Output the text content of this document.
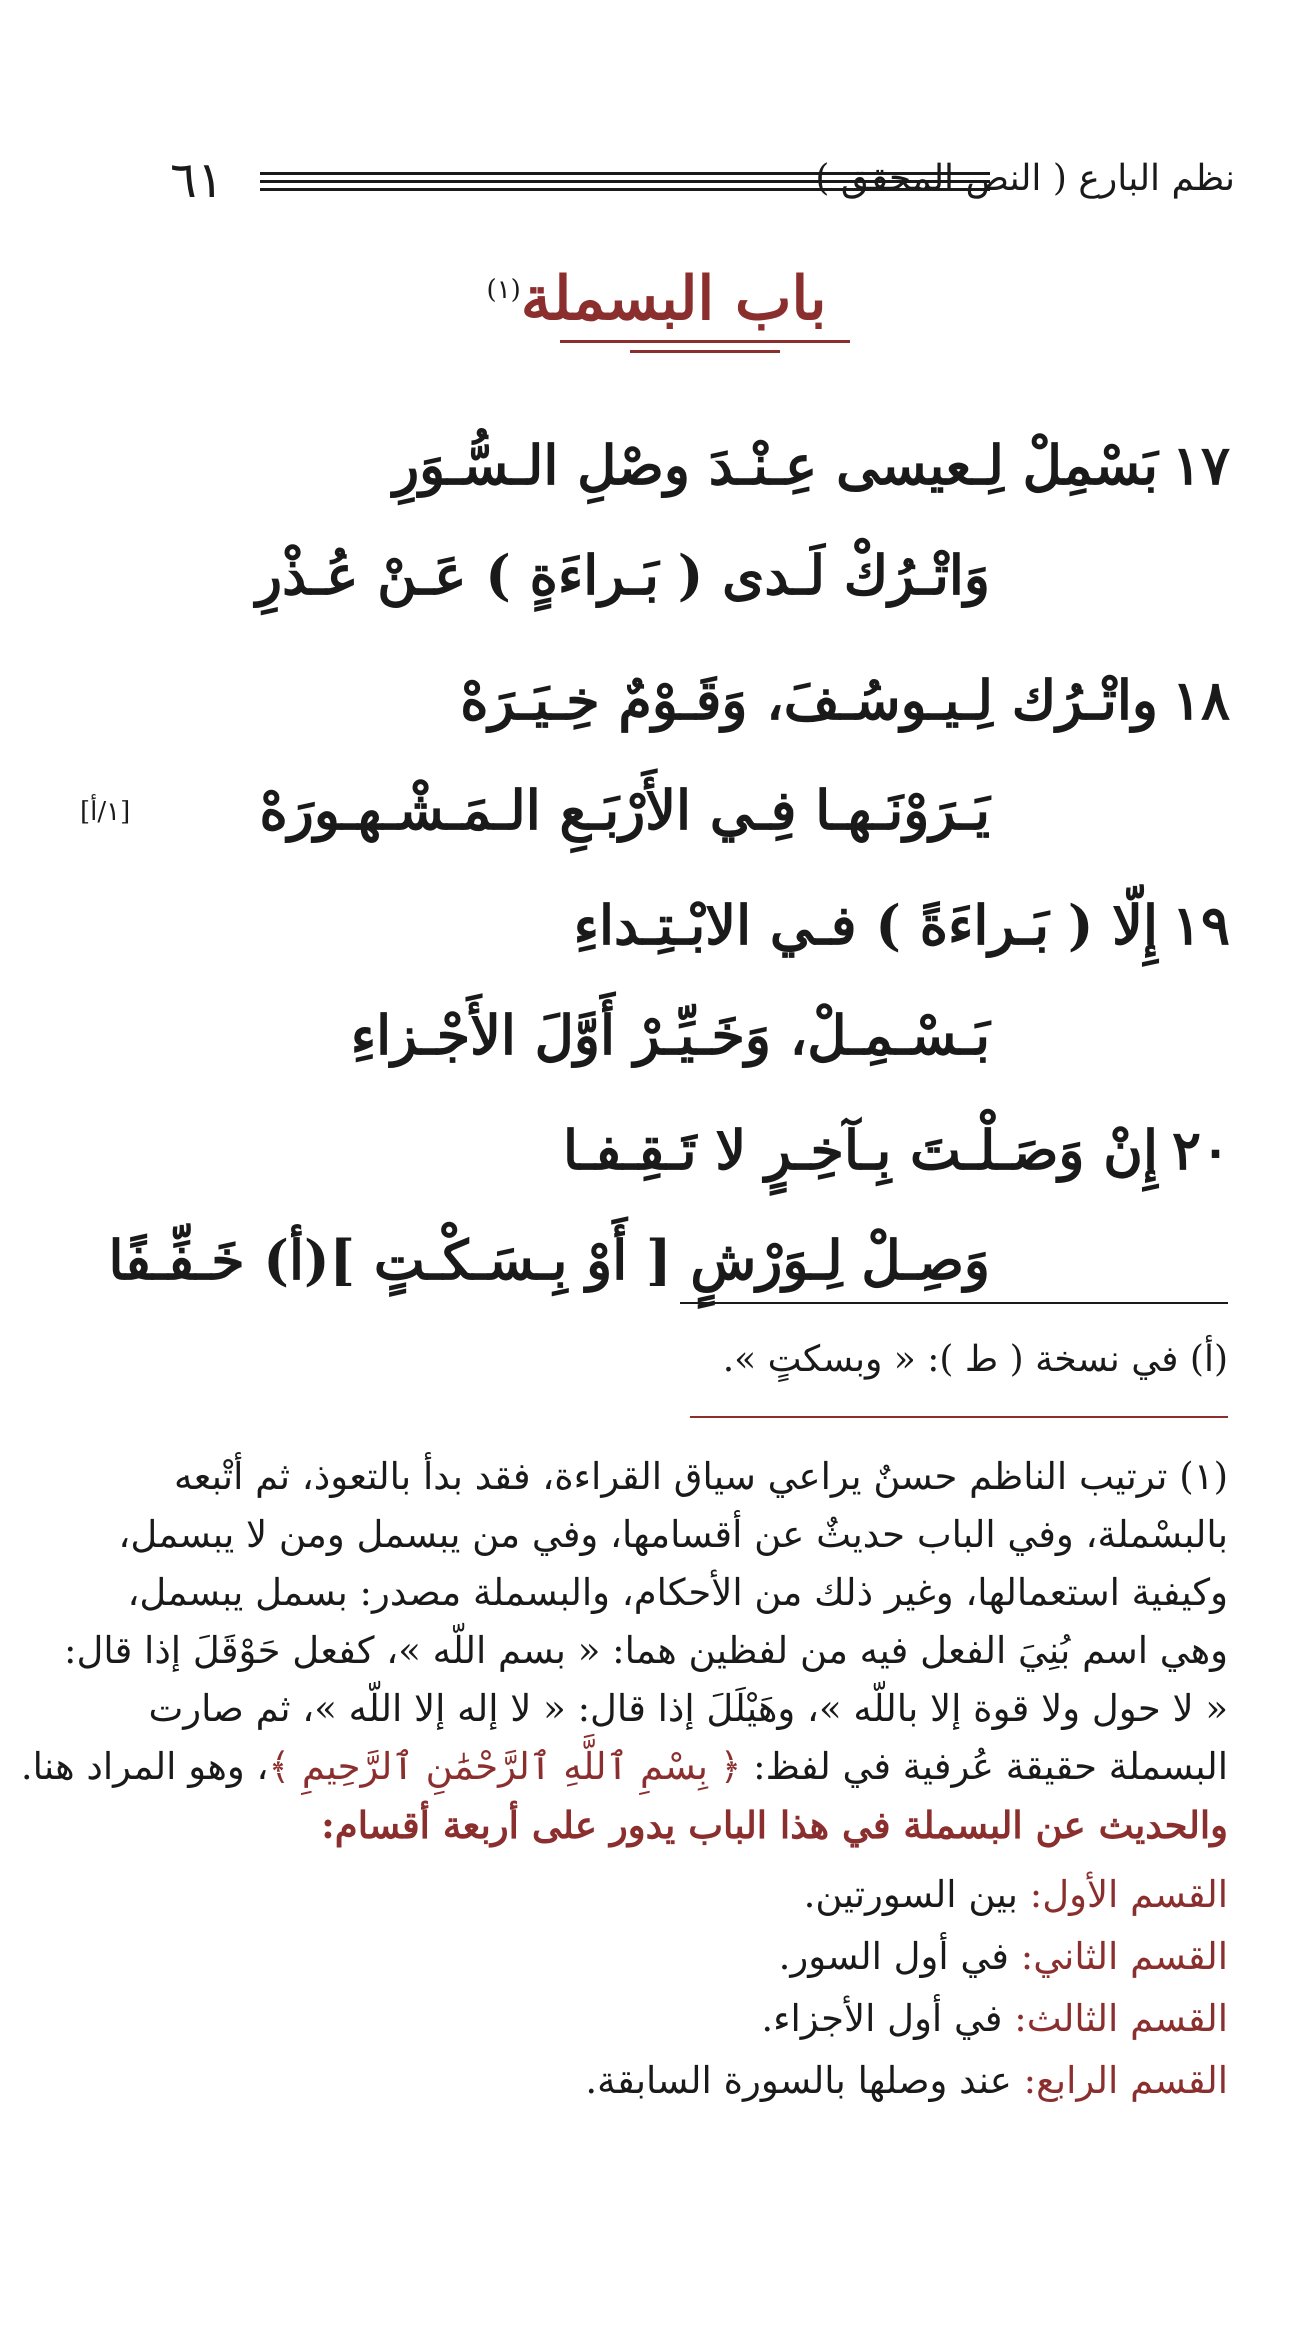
٦١	نظم البارع ( النص المحقق )
باب البسملة$^{(١)}$
١٧بَسْمِلْ لِـعيسى عِـنْـدَ وصْلِ الـسُّـوَرِ
وَاتْـرُكْ لَـدى ( بَـراءَةٍ ) عَـنْ عُـذْرِ
١٨واتْـرُك لِـيـوسُـفَ، وَقَـوْمٌ خِـيَـرَهْ
يَـرَوْنَـهـا فِـي الأَرْبَـعِ الـمَـشْـهـورَهْ
[١/أ]
١٩إِلّا ( بَـراءَةً ) فـي الابْـتِـداءِ
بَـسْـمِـلْ، وَخَـيِّـرْ أَوَّلَ الأَجْـزاءِ
٢٠إِنْ وَصَـلْـتَ بِـآخِـرٍ لا تَـقِـفـا
وَصِـلْ لِـوَرْشٍ [ أَوْ بِـسَـكْـتٍ ](أ) خَـفِّـفًا
(أ) في نسخة ( ط ): « وبسكتٍ ».
(١) ترتيب الناظم حسنٌ يراعي سياق القراءة، فقد بدأ بالتعوذ، ثم أتْبعه
بالبسْملة، وفي الباب حديثٌ عن أقسامها، وفي من يبسمل ومن لا يبسمل،
وكيفية استعمالها، وغير ذلك من الأحكام، والبسملة مصدر: بسمل يبسمل،
وهي اسم بُنِيَ الفعل فيه من لفظين هما: « بسم اللّه »، كفعل حَوْقَلَ إذا قال:
« لا حول ولا قوة إلا باللّه »، وهَيْلَلَ إذا قال: « لا إله إلا اللّه »، ثم صارت
البسملة حقيقة عُرفية في لفظ: ﴿ بِسْمِ ٱللَّهِ ٱلرَّحْمَٰنِ ٱلرَّحِيمِ ﴾، وهو المراد هنا.
والحديث عن البسملة في هذا الباب يدور على أربعة أقسام:
القسم الأول: بين السورتين.
القسم الثاني: في أول السور.
القسم الثالث: في أول الأجزاء.
القسم الرابع: عند وصلها بالسورة السابقة.
